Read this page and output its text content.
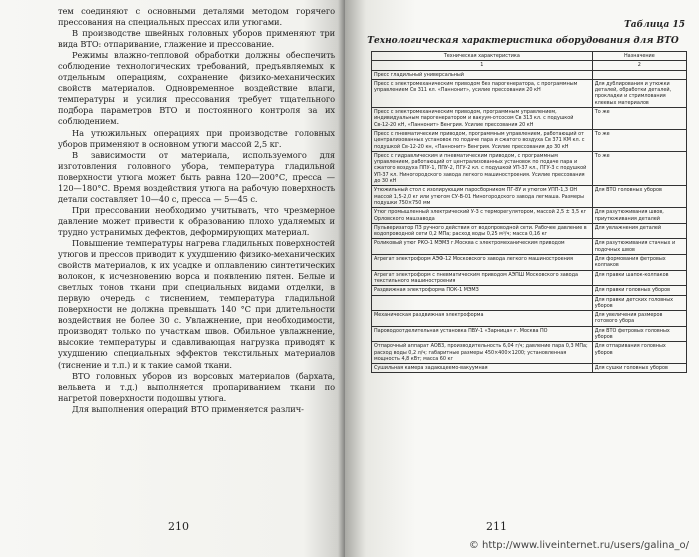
тем соединяют с основными деталями методом горячего прессования на специальных прессах или утюгами.

В производстве швейных головных уборов применяют три вида ВТО: отпаривание, глажение и прессование.

Режимы влажно-тепловой обработки должны обеспечить соблюдение технологических требований, предъявляемых к отдельным операциям, сохранение физико-механических свойств материалов. Одновременное воздействие влаги, температуры и усилия прессования требует тщательного подбора параметров ВТО и постоянного контроля за их соблюдением.

На утюжильных операциях при производстве головных уборов применяют в основном утюги массой 2,5 кг.

В зависимости от материала, используемого для изготовления головного убора, температура гладильной поверхности утюга может быть равна 120—200°С, пресса — 120—180°С. Время воздействия утюга на рабочую поверхность детали составляет 10—40 с, пресса — 5—45 с.

При прессовании необходимо учитывать, что чрезмерное давление может привести к образованию плохо удаляемых и трудно устранимых дефектов, деформирующих материал.

Повышение температуры нагрева гладильных поверхностей утюгов и прессов приводит к ухудшению физико-механических свойств материалов, к их усадке и оплавлению синтетических волокон, к исчезновению ворса и появлению пятен. Белые и светлых тонов ткани при специальных видами отделки, в первую очередь с тиснением, температура гладильной поверхности не должна превышать 140 °С при длительности воздействия не более 30 с. Увлажнение, при необходимости, производят только по участкам швов. Обильное увлажнение, высокие температуры и сдавливающая нагрузка приводят к ухудшению специальных эффектов текстильных материалов (тиснение и т.п.) и к такие самой ткани.

ВТО головных уборов из ворсовых материалов (бархата, вельвета и т.д.) выполняется пропариванием ткани по нагретой поверхности подошвы утюга.

Для выполнения операций ВТО применяется различ-

210
Таблица 15
Технологическая характеристика оборудования для ВТО
Техническая характеристика	Назначение
1	2
Пресс гладильный универсальный	
Пресс с электромеханическим приводом без парогенератора, с программным управлением Св 311 кл. «Паннонит», усилие прессования 20 кН	Для дублирования и утюжки деталей, обработки деталей, прокладки и стримлования клеевых материалов
Пресс с электромеханическим приводом, программным управлением, индивидуальным парогенератором и вакуум-отсосом Св 313 кл. с подушкой Св-12-20 кН, «Паннонит» Венгрия. Усилие прессования 20 кН	То же
Пресс с пневматическим приводом, программным управлением, работающий от централизованных установок по подаче пара и сжатого воздуха Св 371 КМ кл. с подушкой Св-12-20 кн, «Паннонит» Венгрия. Усилие прессования до 30 кН	То же
Пресс с гидравлическим и пневматическим приводом, с программным управлением, работающий от централизованных установок по подаче пара и сжатого воздуха ППУ-1, ППУ-2, ПГУ-2 кл. с подушкой УП-37 кл., ПГУ-3 с подушкой УП-37 кл. Ниногородского завода легкого машиностроения. Усилие прессования до 30 кН	То же
Утюжильный стол с изолирующим паросборником ПГ-8У и утюгом УПП-1,3 ОН массой 1,5-2,0 кг или утюгом СУ-В-01 Ниногородского завода легмаша. Размеры подушки 750×750 мм	Для ВТО головных уборов
Утюг промышленный электрический У-3 с терморегулятором, массой 2,5 ± 3,5 кг Орловского машзавода	Для разутюживания швов, приутюживания деталей
Пульверизатор ПЗ ручного действия от водопроводной сети. Рабочее давление в водопроводной сети 0,2 МПа; расход воды 0,25 м³/ч; масса 0,16 кг	Для увлажнения деталей
Роликовый утюг РКО-1 МЭМЗ г.Москва с электромеханическим приводом	Для разутюживания стачных и подочных швов
Агрегат электроформ АЭФ-12 Московского завода легкого машиностроения	Для формования фетровых колпаков
Агрегат электроформ с пневматическим приводом АЭПШ Московского завода текстильного машиностроения	Для правки шапок-колпаков
Раздвижная электроформа ПОК-1 МЭМЗ	Для правки головных уборов
	Для правки детских головных уборов
Механическая раздвижная электроформа	Для увеличения размеров готового убора
Пароводоотделительная установка ПВУ-1 «Зарница» г. Москва ПО	Для ВТО фетровых головных уборов
Отпарочный аппарат АОВ3, производительность 6,04 г/ч; давление пара 0,3 МПа; расход воды 0,2 л/ч; габаритные размеры 450×400×1200; установленная мощность 4,8 кВт; масса 60 кг	Для отпаривания головных уборов
Сушильная камера задающеемо-вакуумная	Для сушки головных уборов
211
© http://www.liveinternet.ru/users/galina_o/
